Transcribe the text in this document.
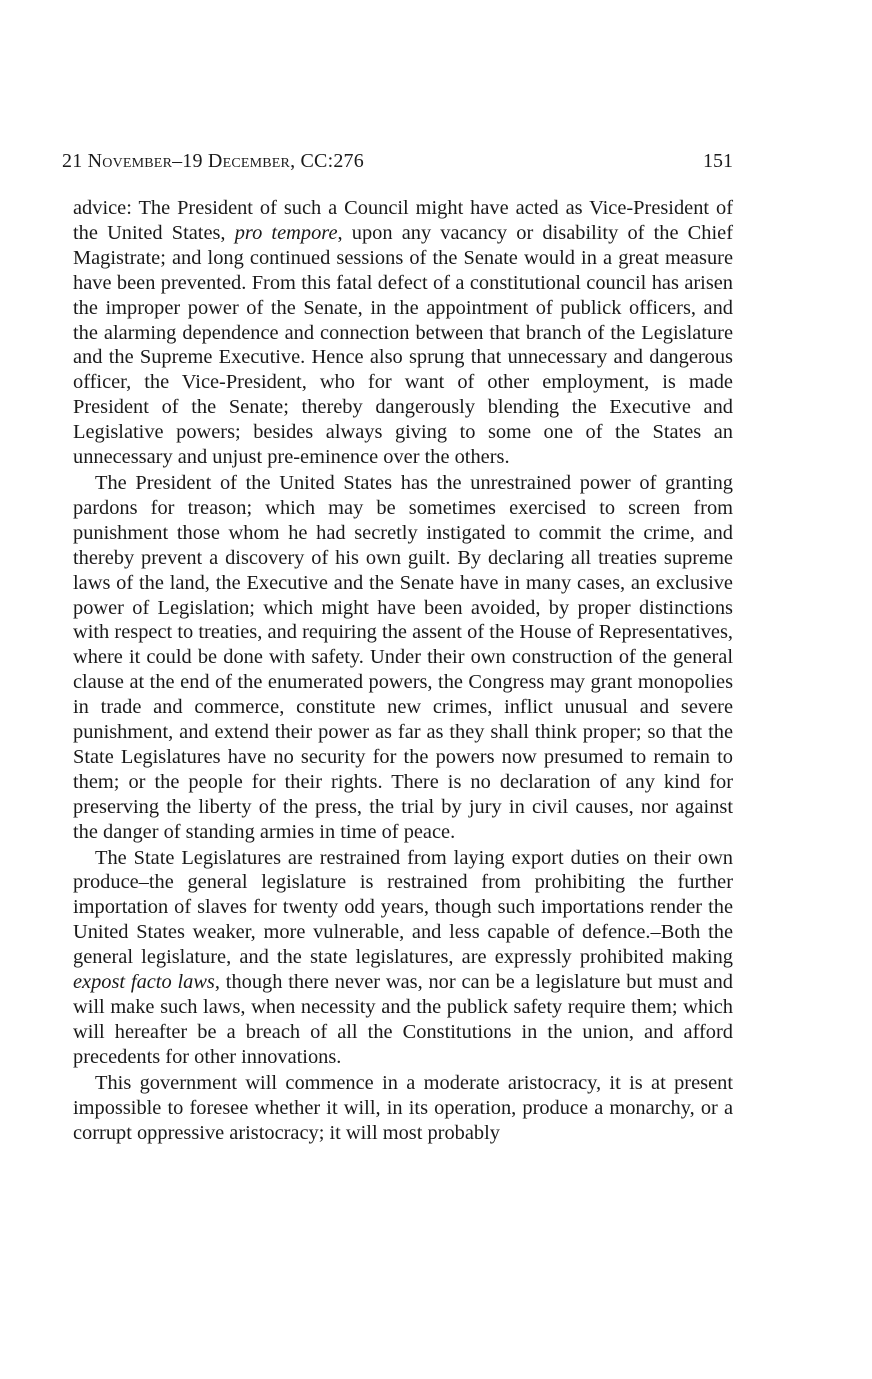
21 November–19 December, CC:276	151

advice: The President of such a Council might have acted as Vice-President of the United States, pro tempore, upon any vacancy or disability of the Chief Magistrate; and long continued sessions of the Senate would in a great measure have been prevented. From this fatal defect of a constitutional council has arisen the improper power of the Senate, in the appointment of publick officers, and the alarming dependence and connection between that branch of the Legislature and the Supreme Executive. Hence also sprung that unnecessary and dangerous officer, the Vice-President, who for want of other employment, is made President of the Senate; thereby dangerously blending the Executive and Legislative powers; besides always giving to some one of the States an unnecessary and unjust pre-eminence over the others.

The President of the United States has the unrestrained power of granting pardons for treason; which may be sometimes exercised to screen from punishment those whom he had secretly instigated to commit the crime, and thereby prevent a discovery of his own guilt. By declaring all treaties supreme laws of the land, the Executive and the Senate have in many cases, an exclusive power of Legislation; which might have been avoided, by proper distinctions with respect to treaties, and requiring the assent of the House of Representatives, where it could be done with safety. Under their own construction of the general clause at the end of the enumerated powers, the Congress may grant monopolies in trade and commerce, constitute new crimes, inflict unusual and severe punishment, and extend their power as far as they shall think proper; so that the State Legislatures have no security for the powers now presumed to remain to them; or the people for their rights. There is no declaration of any kind for preserving the liberty of the press, the trial by jury in civil causes, nor against the danger of standing armies in time of peace.

The State Legislatures are restrained from laying export duties on their own produce–the general legislature is restrained from prohibiting the further importation of slaves for twenty odd years, though such importations render the United States weaker, more vulnerable, and less capable of defence.–Both the general legislature, and the state legislatures, are expressly prohibited making expost facto laws, though there never was, nor can be a legislature but must and will make such laws, when necessity and the publick safety require them; which will hereafter be a breach of all the Constitutions in the union, and afford precedents for other innovations.

This government will commence in a moderate aristocracy, it is at present impossible to foresee whether it will, in its operation, produce a monarchy, or a corrupt oppressive aristocracy; it will most probably
